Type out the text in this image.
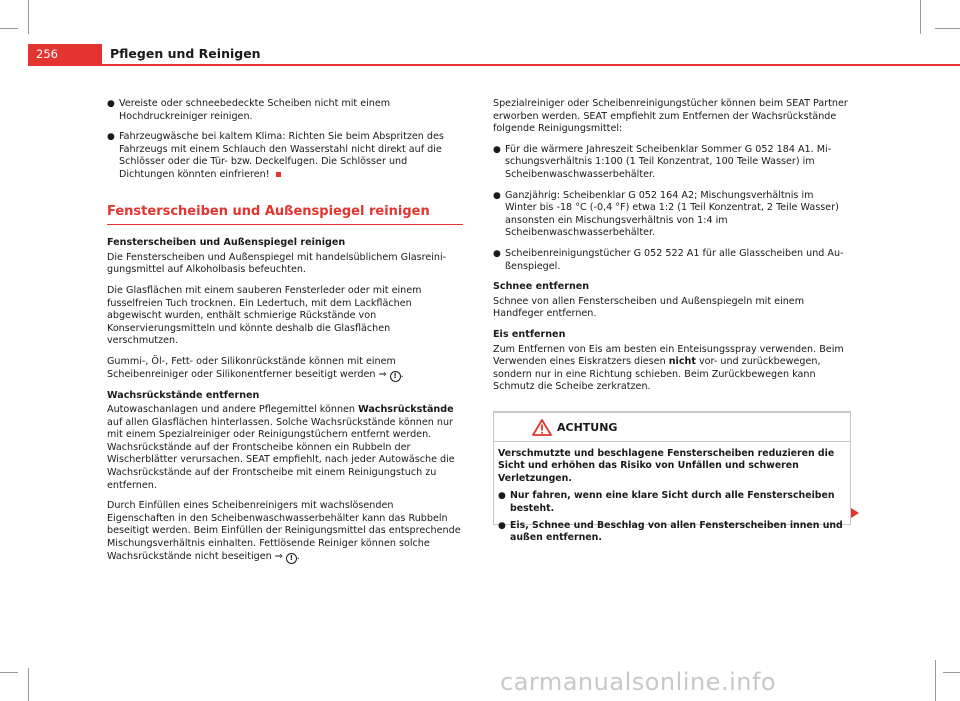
256	Pflegen und Reinigen

● Vereiste oder schneebedeckte Scheiben nicht mit einem Hochdruckreiniger reinigen.

● Fahrzeugwäsche bei kaltem Klima: Richten Sie beim Abspritzen des Fahrzeugs mit einem Schlauch den Wasserstahl nicht direkt auf die Schlösser oder die Tür- bzw. Deckelfugen. Die Schlösser und Dichtungen könnten einfrieren!

Fensterscheiben und Außenspiegel reinigen

Fensterscheiben und Außenspiegel reinigen

Die Fensterscheiben und Außenspiegel mit handelsüblichem Glasreinigungsmittel auf Alkoholbasis befeuchten.

Die Glasflächen mit einem sauberen Fensterleder oder mit einem fusselfreien Tuch trocknen. Ein Ledertuch, mit dem Lackflächen abgewischt wurden, enthält schmierige Rückstände von Konservierungsmitteln und könnte deshalb die Glasflächen verschmutzen.

Gummi-, Öl-, Fett- oder Silikonrückstände können mit einem Scheibenreiniger oder Silikonentferner beseitigt werden ⇒ ! .

Wachsrückstände entfernen

Autowaschanlagen und andere Pflegemittel können Wachsrückstände auf allen Glasflächen hinterlassen. Solche Wachsrückstände können nur mit einem Spezialreiniger oder Reinigungstüchern entfernt werden. Wachsrückstände auf der Frontscheibe können ein Rubbeln der Wischerblätter verursachen. SEAT empfiehlt, nach jeder Autowäsche die Wachsrückstände auf der Frontscheibe mit einem Reinigungstuch zu entfernen.

Durch Einfüllen eines Scheibenreinigers mit wachslösenden Eigenschaften in den Scheibenwaschwasserbehälter kann das Rubbeln beseitigt werden. Beim Einfüllen der Reinigungsmittel das entsprechende Mischungsverhältnis einhalten. Fettlösende Reiniger können solche Wachsrückstände nicht beseitigen ⇒ ! .

Spezialreiniger oder Scheibenreinigungstücher können beim SEAT Partner erworben werden. SEAT empfiehlt zum Entfernen der Wachsrückstände folgende Reinigungsmittel:

● Für die wärmere Jahreszeit Scheibenklar Sommer G 052 184 A1. Mischungsverhältnis 1:100 (1 Teil Konzentrat, 100 Teile Wasser) im Scheibenwaschwasserbehälter.

● Ganzjährig: Scheibenklar G 052 164 A2; Mischungsverhältnis im Winter bis -18 °C (-0,4 °F) etwa 1:2 (1 Teil Konzentrat, 2 Teile Wasser) ansonsten ein Mischungsverhältnis von 1:4 im Scheibenwaschwasserbehälter.

● Scheibenreinigungstücher G 052 522 A1 für alle Glasscheiben und Außenspiegel.

Schnee entfernen

Schnee von allen Fensterscheiben und Außenspiegeln mit einem Handfeger entfernen.

Eis entfernen

Zum Entfernen von Eis am besten ein Enteisungsspray verwenden. Beim Verwenden eines Eiskratzers diesen nicht vor- und zurückbewegen, sondern nur in eine Richtung schieben. Beim Zurückbewegen kann Schmutz die Scheibe zerkratzen.

ACHTUNG

Verschmutzte und beschlagene Fensterscheiben reduzieren die Sicht und erhöhen das Risiko von Unfällen und schweren Verletzungen.

● Nur fahren, wenn eine klare Sicht durch alle Fensterscheiben besteht.

● Eis, Schnee und Beschlag von allen Fensterscheiben innen und außen entfernen.

carmanualsonline.info
